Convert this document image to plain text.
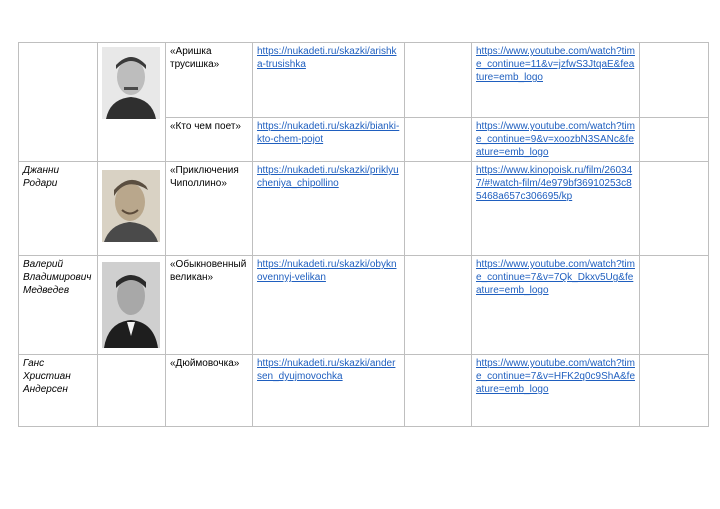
		«Аришка трусишка»	https://nukadeti.ru/skazki/arishka-trusishka		https://www.youtube.com/watch?time_continue=11&v=jzfwS3JtqaE&feature=emb_logo	
		«Кто чем поет»	https://nukadeti.ru/skazki/bianki-kto-chem-pojot		https://www.youtube.com/watch?time_continue=9&v=xoozbN3SANc&feature=emb_logo	
Джанни Родари		«Приключения Чиполлино»	https://nukadeti.ru/skazki/priklyucheniya_chipollino		https://www.kinopoisk.ru/film/260347/#!watch-film/4e979bf36910253c85468a657c306695/kp	
Валерий Владимирович Медведев		«Обыкновенный великан»	https://nukadeti.ru/skazki/obyknovennyj-velikan		https://www.youtube.com/watch?time_continue=7&v=7Qk_Dkxv5Ug&feature=emb_logo	
Ганс Христиан Андерсен		«Дюймовочка»	https://nukadeti.ru/skazki/andersen_dyujmovochka		https://www.youtube.com/watch?time_continue=7&v=HFK2q0c9ShA&feature=emb_logo	
